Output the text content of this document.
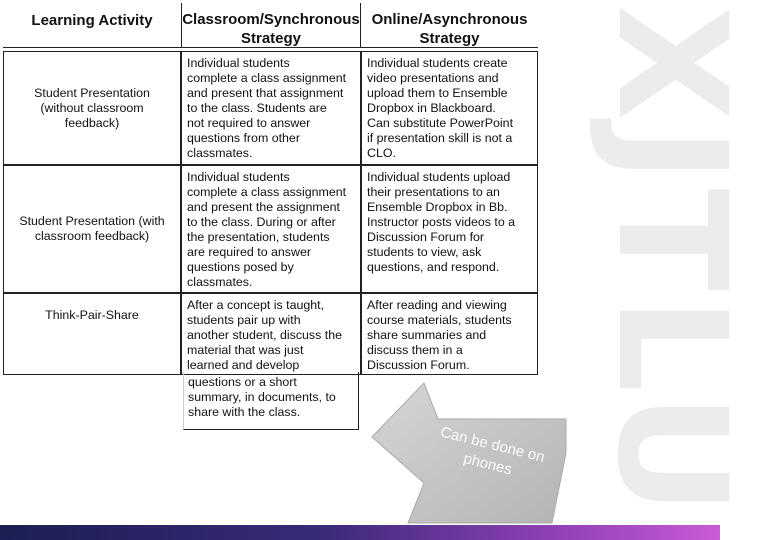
XJTLU
Learning Activity	Classroom/Synchronous Strategy
Online/Asynchronous Strategy
Student Presentation (without classroom feedback)
Individual students
complete a class assignment
and present that assignment
to the class. Students are
not required to answer
questions from other
classmates.
Individual students create
video presentations and
upload them to Ensemble
Dropbox in Blackboard.
Can substitute PowerPoint
if presentation skill is not a
CLO.
Student Presentation (with classroom feedback)
Individual students
complete a class assignment
and present the assignment
to the class. During or after
the presentation, students
are required to answer
questions posed by
classmates.
Individual students upload
their presentations to an
Ensemble Dropbox in Bb.
Instructor posts videos to a
Discussion Forum for
students to view, ask
questions, and respond.
Think-Pair-Share
After a concept is taught,
students pair up with
another student, discuss the
material that was just
learned and develop
After reading and viewing
course materials, students
share summaries and
discuss them in a
Discussion Forum.
questions or a short
summary, in documents, to
share with the class.
Can be done on
phones
